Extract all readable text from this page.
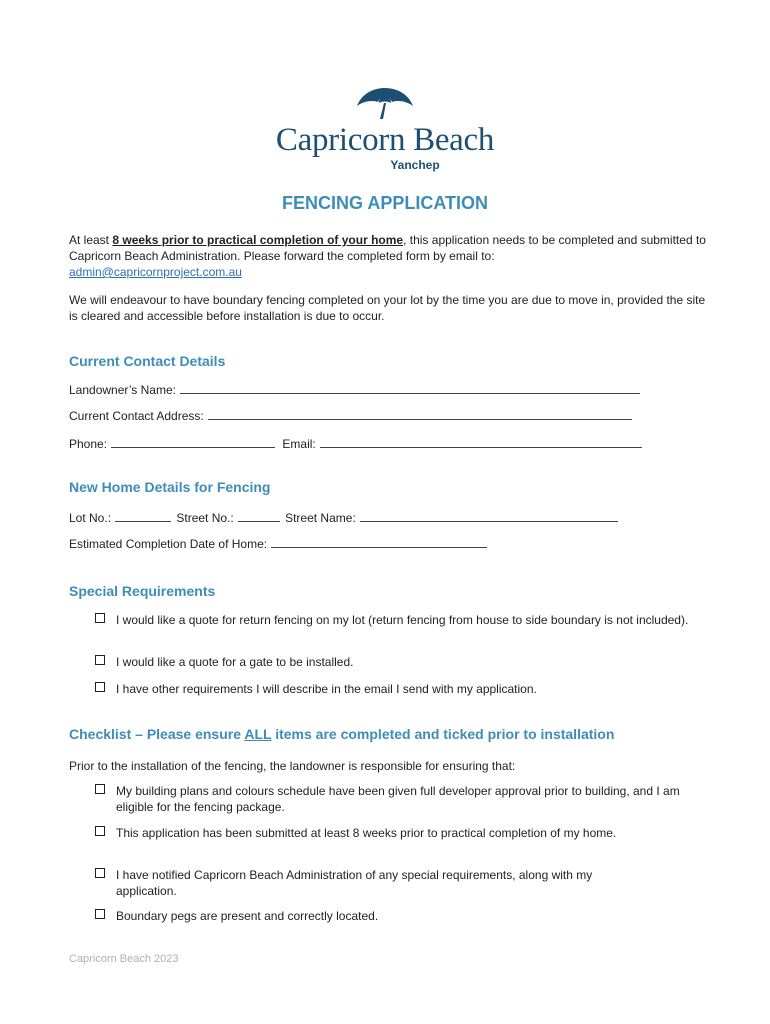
Capricorn Beach
Yanchep
FENCING APPLICATION
At least 8 weeks prior to practical completion of your home, this application needs to be completed and submitted to Capricorn Beach Administration. Please forward the completed form by email to:
admin@capricornproject.com.au
We will endeavour to have boundary fencing completed on your lot by the time you are due to move in, provided the site is cleared and accessible before installation is due to occur.
Current Contact Details
Landowner’s Name:
Current Contact Address:
Phone:	Email:
New Home Details for Fencing
Lot No.:	Street No.:	Street Name:
Estimated Completion Date of Home:
Special Requirements
I would like a quote for return fencing on my lot (return fencing from house to side boundary is not included).
I would like a quote for a gate to be installed.
I have other requirements I will describe in the email I send with my application.
Checklist – Please ensure ALL items are completed and ticked prior to installation
Prior to the installation of the fencing, the landowner is responsible for ensuring that:
My building plans and colours schedule have been given full developer approval prior to building, and I am eligible for the fencing package.
This application has been submitted at least 8 weeks prior to practical completion of my home.
I have notified Capricorn Beach Administration of any special requirements, along with my application.
Boundary pegs are present and correctly located.
Capricorn Beach 2023
